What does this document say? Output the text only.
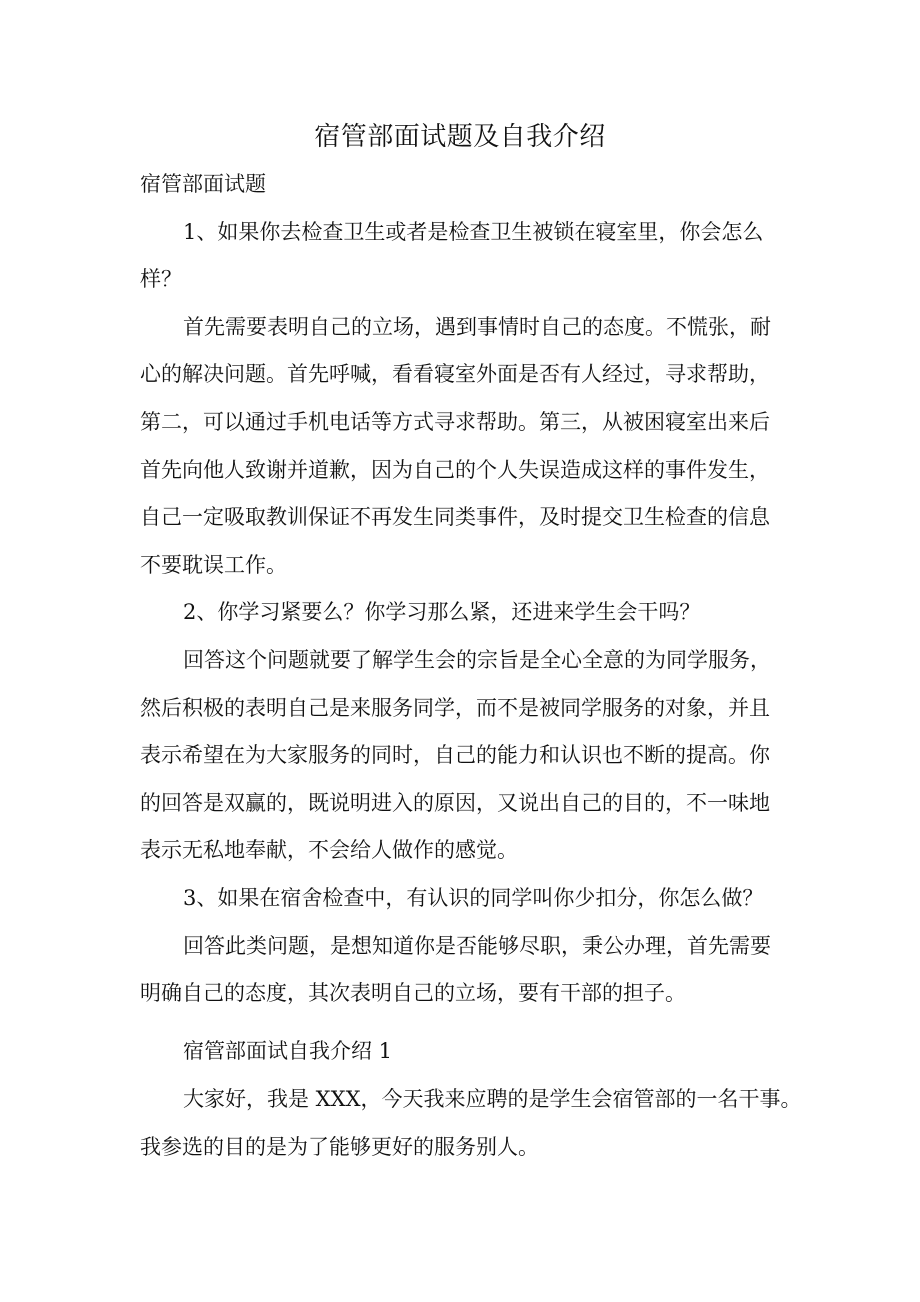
宿管部面试题及自我介绍
宿管部面试题
1、如果你去检查卫生或者是检查卫生被锁在寝室里，你会怎么
样？
首先需要表明自己的立场，遇到事情时自己的态度。不慌张，耐
心的解决问题。首先呼喊，看看寝室外面是否有人经过，寻求帮助，
第二，可以通过手机电话等方式寻求帮助。第三，从被困寝室出来后
首先向他人致谢并道歉，因为自己的个人失误造成这样的事件发生，
自己一定吸取教训保证不再发生同类事件，及时提交卫生检查的信息
不要耽误工作。
2、你学习紧要么？你学习那么紧，还进来学生会干吗？
回答这个问题就要了解学生会的宗旨是全心全意的为同学服务，
然后积极的表明自己是来服务同学，而不是被同学服务的对象，并且
表示希望在为大家服务的同时，自己的能力和认识也不断的提高。你
的回答是双赢的，既说明进入的原因，又说出自己的目的，不一味地
表示无私地奉献，不会给人做作的感觉。
3、如果在宿舍检查中，有认识的同学叫你少扣分，你怎么做？
回答此类问题，是想知道你是否能够尽职，秉公办理，首先需要
明确自己的态度，其次表明自己的立场，要有干部的担子。
宿管部面试自我介绍 1
大家好，我是 XXX，今天我来应聘的是学生会宿管部的一名干事。
我参选的目的是为了能够更好的服务别人。
